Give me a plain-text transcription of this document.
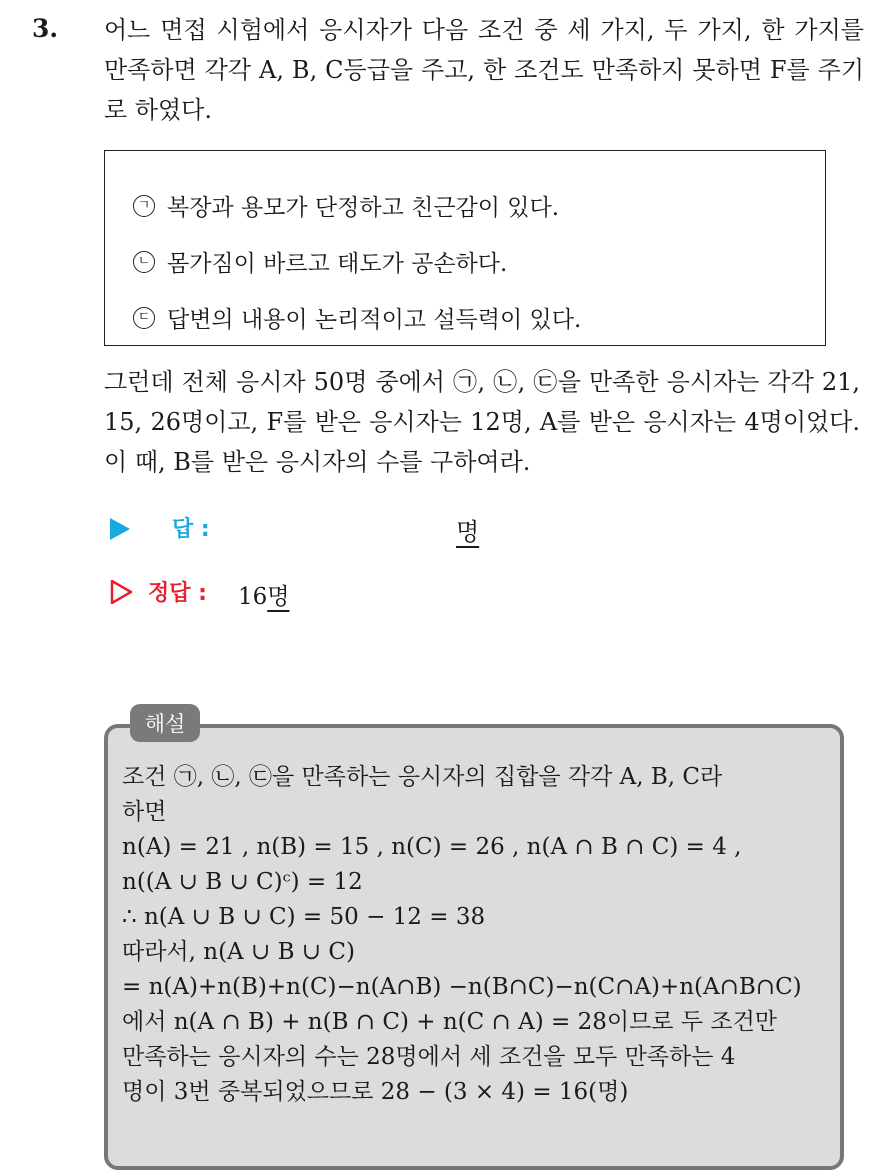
3. 어느 면접 시험에서 응시자가 다음 조건 중 세 가지, 두 가지, 한 가지를 만족하면 각각 A, B, C등급을 주고, 한 조건도 만족하지 못하면 F를 주기로 하였다.
ㄱ 복장과 용모가 단정하고 친근감이 있다.
ㄴ 몸가짐이 바르고 태도가 공손하다.
ㄷ 답변의 내용이 논리적이고 설득력이 있다.
그런데 전체 응시자 50명 중에서 ㉠, ㉡, ㉢을 만족한 응시자는 각각 21, 15, 26명이고, F를 받은 응시자는 12명, A를 받은 응시자는 4명이었다. 이 때, B를 받은 응시자의 수를 구하여라.
답 :	명
정답 : 16명
해설
조건 ㉠, ㉡, ㉢을 만족하는 응시자의 집합을 각각 A, B, C라
하면
n(A) = 21 , n(B) = 15 , n(C) = 26 , n(A ∩ B ∩ C) = 4 ,
n((A ∪ B ∪ C)ᶜ) = 12
∴ n(A ∪ B ∪ C) = 50 − 12 = 38
따라서, n(A ∪ B ∪ C)
= n(A)+n(B)+n(C)−n(A∩B) −n(B∩C)−n(C∩A)+n(A∩B∩C)
에서 n(A ∩ B) + n(B ∩ C) + n(C ∩ A) = 28이므로 두 조건만
만족하는 응시자의 수는 28명에서 세 조건을 모두 만족하는 4
명이 3번 중복되었으므로 28 − (3 × 4) = 16(명)
